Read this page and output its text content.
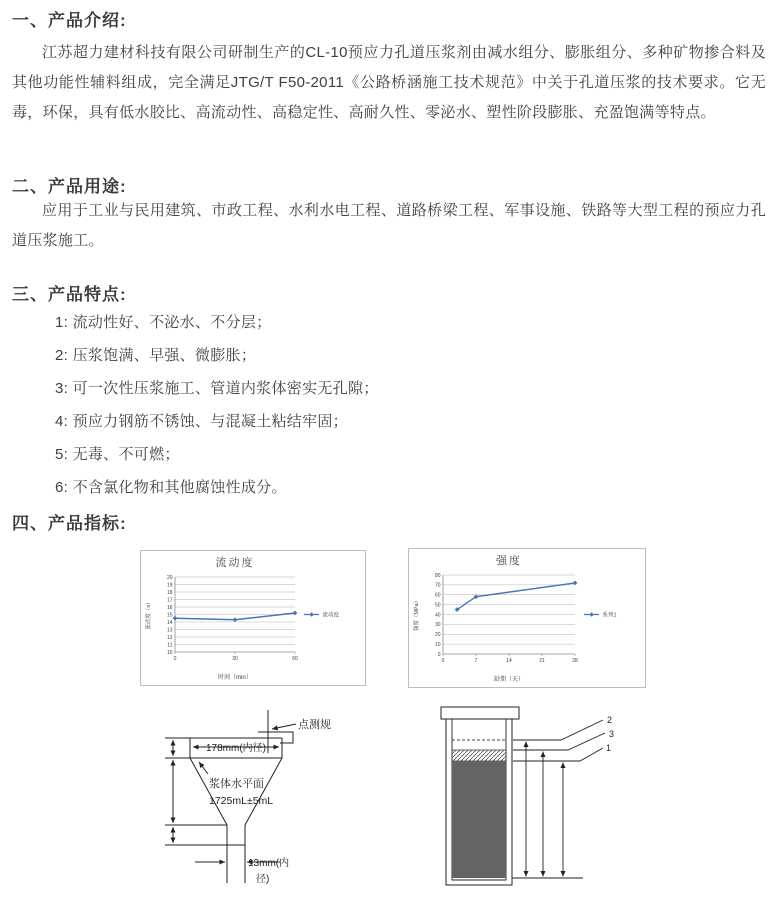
一、产品介绍:

江苏超力建材科技有限公司研制生产的CL-10预应力孔道压浆剂由减水组分、膨胀组分、多种矿物掺合料及其他功能性辅料组成，完全满足JTG/T F50-2011《公路桥涵施工技术规范》中关于孔道压浆的技术要求。它无毒，环保，具有低水胶比、高流动性、高稳定性、高耐久性、零泌水、塑性阶段膨胀、充盈饱满等特点。

二、产品用途:

应用于工业与民用建筑、市政工程、水利水电工程、道路桥梁工程、军事设施、铁路等大型工程的预应力孔道压浆施工。

三、产品特点:
1: 流动性好、不泌水、不分层；
2: 压浆饱满、早强、微膨胀；
3: 可一次性压浆施工、管道内浆体密实无孔隙；
4: 预应力钢筋不锈蚀、与混凝土粘结牢固；
5: 无毒、不可燃；
6: 不含氯化物和其他腐蚀性成分。
四、产品指标:
流动度
10
11
12
13
14
15
16
17
18
19
20
0	30	60
时间（min）
流动度（s）	流动度
强度
0
10
20
30
40
50
60
70
80
0	7	14	21	28
龄期（天）
强度（MPa）	系列1
点测规
178mm(内径)
浆体水平面
1725mL±5mL
13mm(内
径)
2
3
1
